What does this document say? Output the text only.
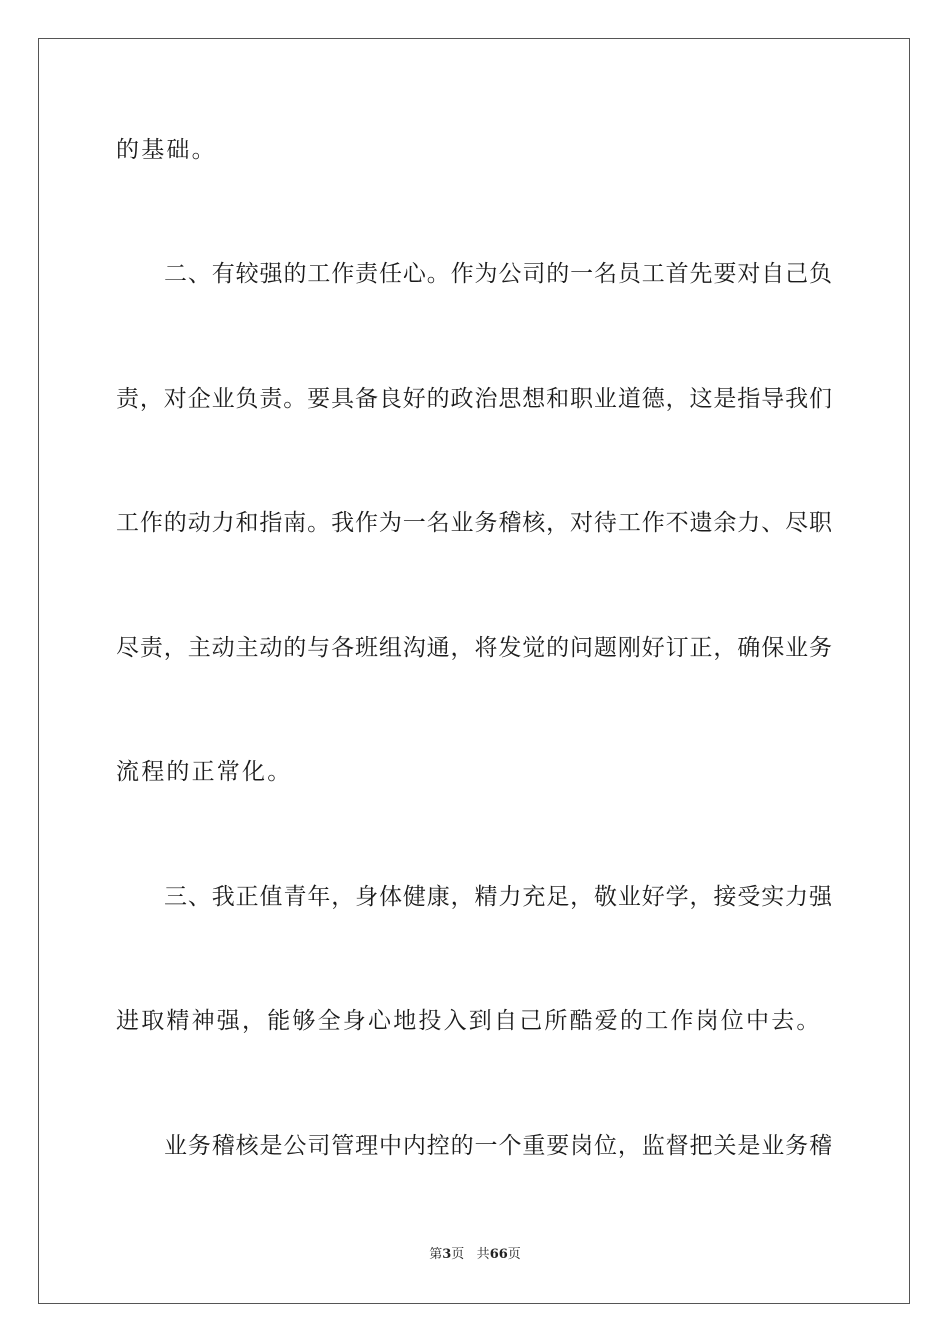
的基础。
二、有较强的工作责任心。作为公司的一名员工首先要对自己负
责，对企业负责。要具备良好的政治思想和职业道德，这是指导我们
工作的动力和指南。我作为一名业务稽核，对待工作不遗余力、尽职
尽责，主动主动的与各班组沟通，将发觉的问题刚好订正，确保业务
流程的正常化。
三、我正值青年，身体健康，精力充足，敬业好学，接受实力强
进取精神强，能够全身心地投入到自己所酷爱的工作岗位中去。
业务稽核是公司管理中内控的一个重要岗位，监督把关是业务稽
第3页 共66页
